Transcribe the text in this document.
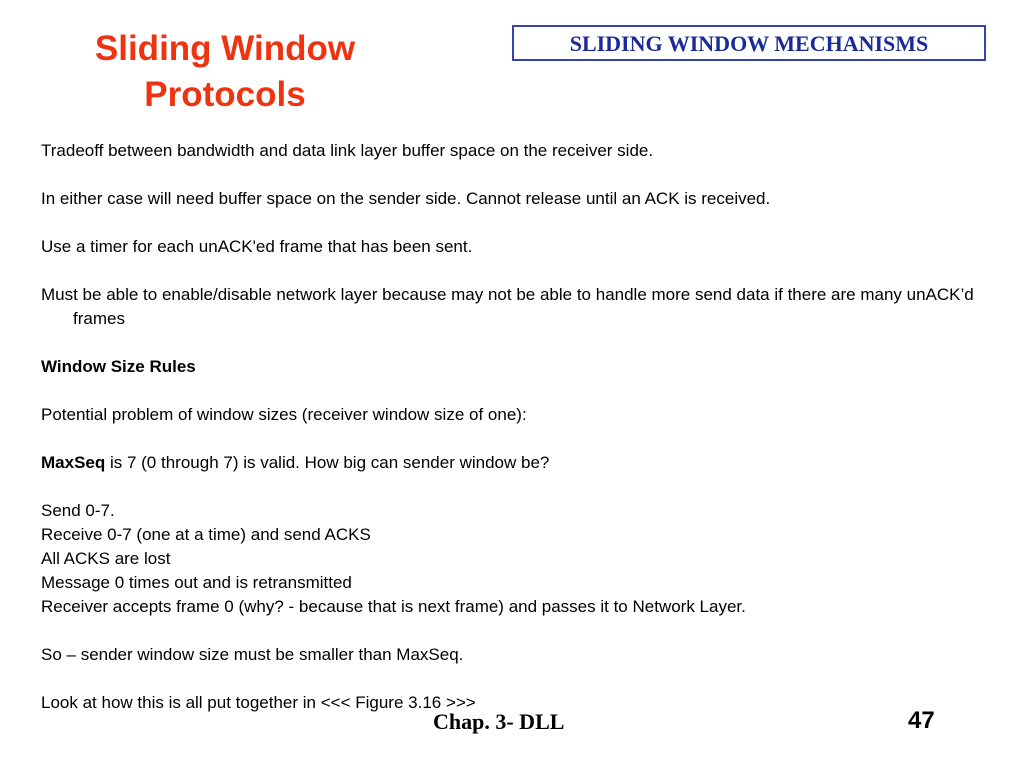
Sliding Window
Protocols
SLIDING WINDOW MECHANISMS

Tradeoff between bandwidth and data link layer buffer space on the receiver side.

In either case will need buffer space on the sender side. Cannot release until an ACK is received.

Use a timer for each unACK'ed frame that has been sent.

Must be able to enable/disable network layer because may not be able to handle more send data if there are many unACK’d frames

Window Size Rules

Potential problem of window sizes (receiver window size of one):

MaxSeq is 7 (0 through 7) is valid. How big can sender window be?

Send 0-7.

Receive 0-7 (one at a time) and send ACKS

All ACKS are lost

Message 0 times out and is retransmitted

Receiver accepts frame 0 (why? - because that is next frame) and passes it to Network Layer.

So – sender window size must be smaller than MaxSeq.

Look at how this is all put together in <<< Figure 3.16 >>>

Chap. 3- DLL	47
